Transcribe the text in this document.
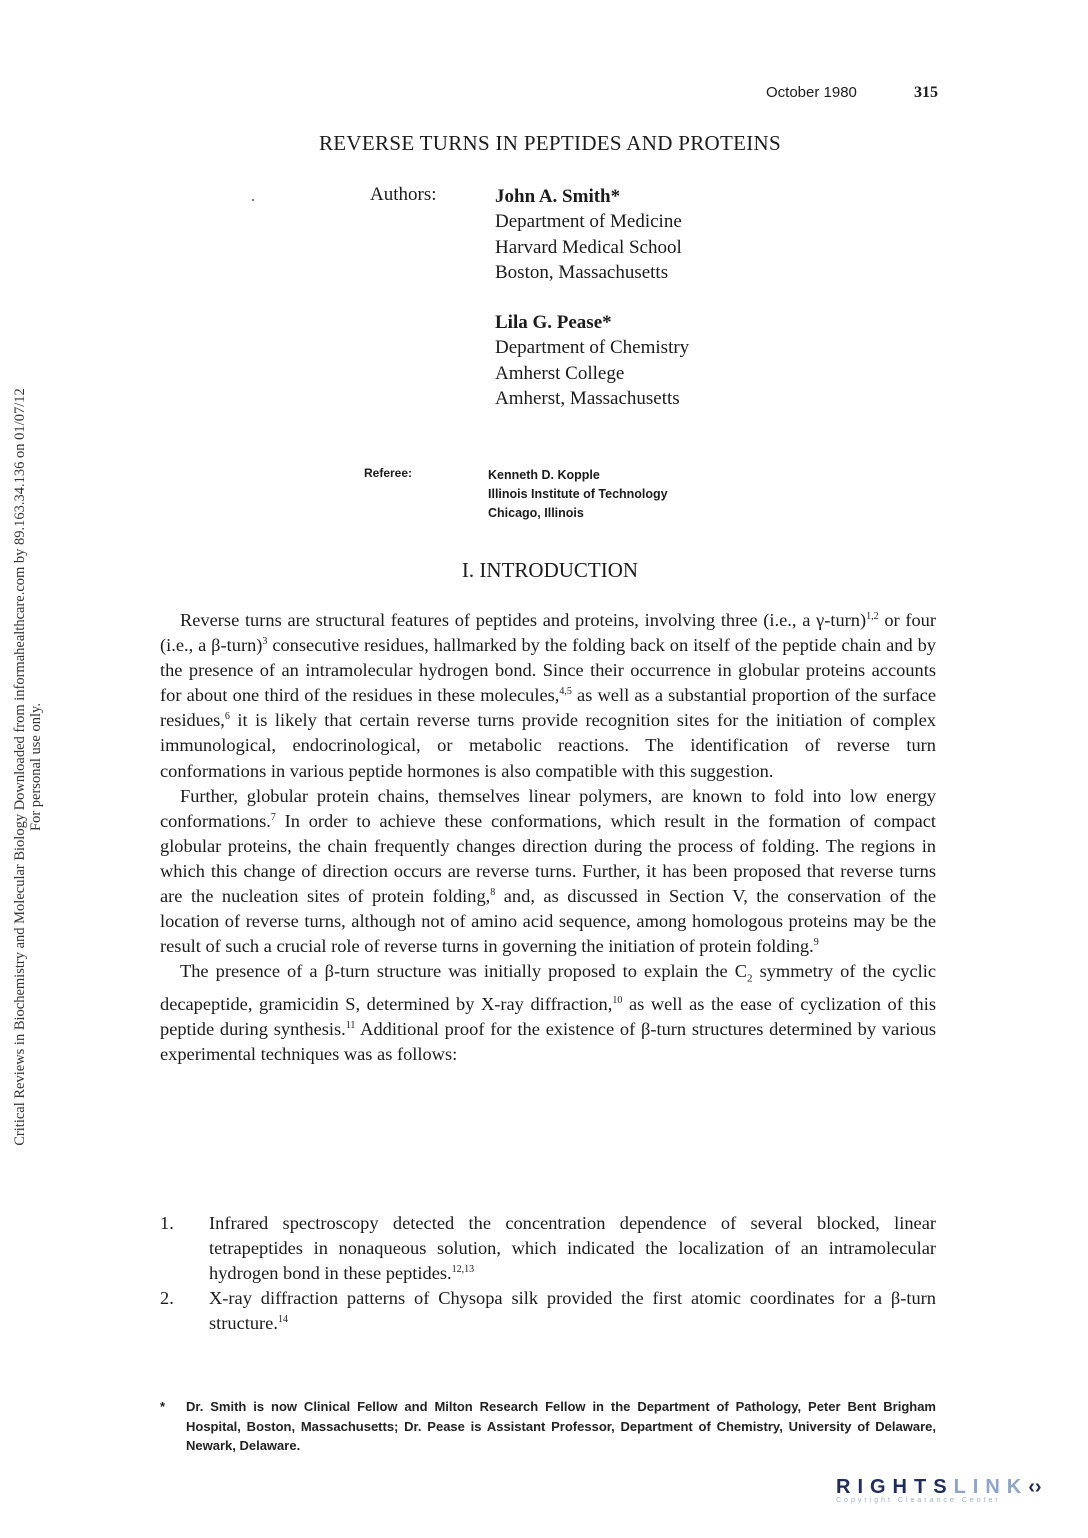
October 1980	315
REVERSE TURNS IN PEPTIDES AND PROTEINS
Authors:	John A. Smith*
Department of Medicine
Harvard Medical School
Boston, Massachusetts
Lila G. Pease*
Department of Chemistry
Amherst College
Amherst, Massachusetts
Referee:	Kenneth D. Kopple
Illinois Institute of Technology
Chicago, Illinois
I. INTRODUCTION

Reverse turns are structural features of peptides and proteins, involving three (i.e., a γ-turn)$^{1,2}$ or four (i.e., a β-turn)$^3$ consecutive residues, hallmarked by the folding back on itself of the peptide chain and by the presence of an intramolecular hydrogen bond. Since their occurrence in globular proteins accounts for about one third of the residues in these molecules,$^{4,5}$ as well as a substantial proportion of the surface residues,$^6$ it is likely that certain reverse turns provide recognition sites for the initiation of complex immunological, endocrinological, or metabolic reactions. The identification of reverse turn conformations in various peptide hormones is also compatible with this suggestion.

Further, globular protein chains, themselves linear polymers, are known to fold into low energy conformations.$^7$ In order to achieve these conformations, which result in the formation of compact globular proteins, the chain frequently changes direction during the process of folding. The regions in which this change of direction occurs are reverse turns. Further, it has been proposed that reverse turns are the nucleation sites of protein folding,$^8$ and, as discussed in Section V, the conservation of the location of reverse turns, although not of amino acid sequence, among homologous proteins may be the result of such a crucial role of reverse turns in governing the initiation of protein folding.$^9$

The presence of a β-turn structure was initially proposed to explain the $C_2$ symmetry of the cyclic decapeptide, gramicidin S, determined by X-ray diffraction,$^{10}$ as well as the ease of cyclization of this peptide during synthesis.$^{11}$ Additional proof for the existence of β-turn structures determined by various experimental techniques was as follows:

1.	Infrared spectroscopy detected the concentration dependence of several blocked, linear tetrapeptides in nonaqueous solution, which indicated the localization of an intramolecular hydrogen bond in these peptides.$^{12,13}$
2.	X-ray diffraction patterns of Chysopa silk provided the first atomic coordinates for a β-turn structure.$^{14}$
*	Dr. Smith is now Clinical Fellow and Milton Research Fellow in the Department of Pathology, Peter Bent Brigham Hospital, Boston, Massachusetts; Dr. Pease is Assistant Professor, Department of Chemistry, University of Delaware, Newark, Delaware.
Critical Reviews in Biochemistry and Molecular Biology Downloaded from informahealthcare.com by 89.163.34.136 on 01/07/12 For personal use only.
RIGHTSLINK‹›
Copyright Clearance Center
